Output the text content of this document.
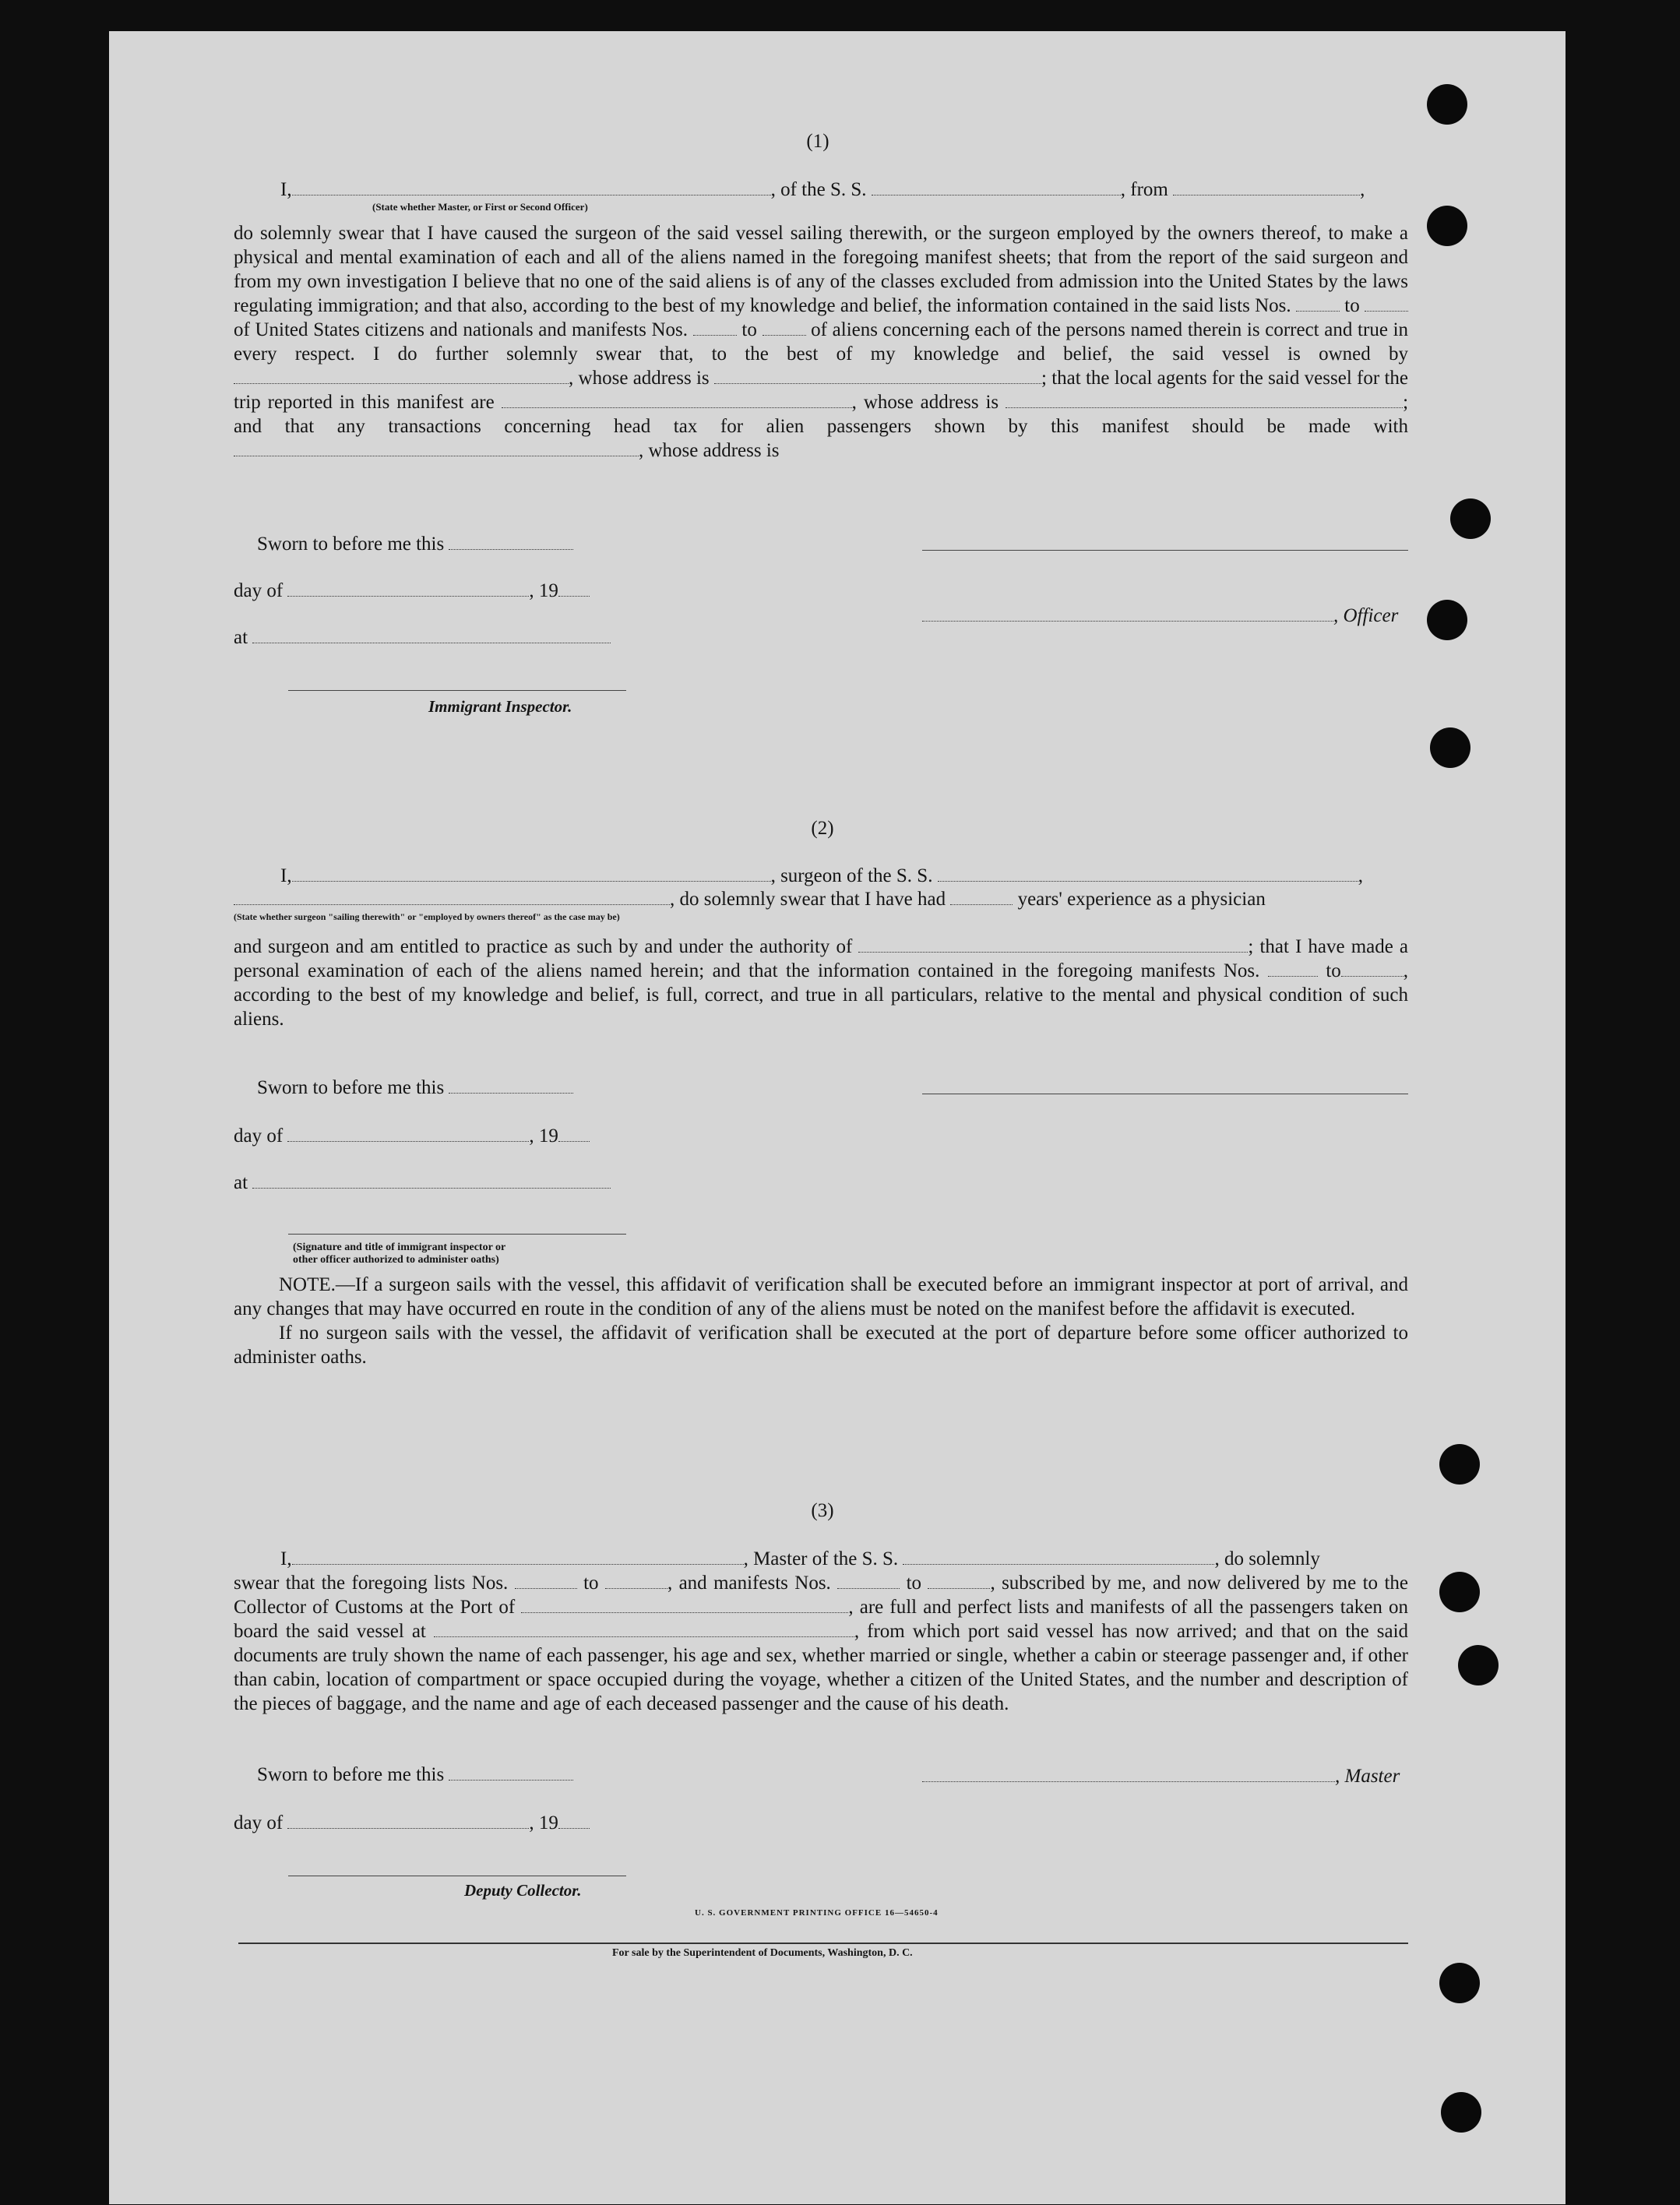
(1)
I,	, of the S. S.	, from	,
(State whether Master, or First or Second Officer)

do solemnly swear that I have caused the surgeon of the said vessel sailing therewith, or the surgeon employed by the owners thereof, to make a physical and mental examination of each and all of the aliens named in the foregoing manifest sheets; that from the report of the said surgeon and from my own investigation I believe that no one of the said aliens is of any of the classes excluded from admission into the United States by the laws regulating immigration; and that also, according to the best of my knowledge and belief, the information contained in the said lists Nos.	to  of United States citizens and nationals and manifests Nos.	to	of aliens concerning each of the persons named therein is correct and true in every respect. I do further solemnly swear that, to the best of my knowledge and belief, the said vessel is owned by , whose address is	; that the local agents for the said vessel for the trip reported in this manifest are	, whose address is	; and that any transactions concerning head tax for alien passengers shown by this manifest should be made with , whose address is

Sworn to before me this
day of	, 19
, Officer
at
Immigrant Inspector.
(2)
I,	, surgeon of the S. S.	,
, do solemnly swear that I have had	years' experience as a physician
(State whether surgeon "sailing therewith" or "employed by owners thereof" as the case may be)

and surgeon and am entitled to practice as such by and under the authority of	; that I have made a personal examination of each of the aliens named herein; and that the information contained in the foregoing manifests Nos.	to	, according to the best of my knowledge and belief, is full, correct, and true in all particulars, relative to the mental and physical condition of such aliens.

Sworn to before me this
day of	, 19
at
(Signature and title of immigrant inspector or
other officer authorized to administer oaths)

NOTE.—If a surgeon sails with the vessel, this affidavit of verification shall be executed before an immigrant inspector at port of arrival, and any changes that may have occurred en route in the condition of any of the aliens must be noted on the manifest before the affidavit is executed.

If no surgeon sails with the vessel, the affidavit of verification shall be executed at the port of departure before some officer authorized to administer oaths.

(3)
I,	, Master of the S. S.	, do solemnly

swear that the foregoing lists Nos.	to	, and manifests Nos.	to	, subscribed by me, and now delivered by me to the Collector of Customs at the Port of	, are full and perfect lists and manifests of all the passengers taken on board the said vessel at	, from which port said vessel has now arrived; and that on the said documents are truly shown the name of each passenger, his age and sex, whether married or single, whether a cabin or steerage passenger and, if other than cabin, location of compartment or space occupied during the voyage, whether a citizen of the United States, and the number and description of the pieces of baggage, and the name and age of each deceased passenger and the cause of his death.

Sworn to before me this	, Master
day of	, 19
Deputy Collector.
U. S. GOVERNMENT PRINTING OFFICE 16—54650-4
For sale by the Superintendent of Documents, Washington, D. C.
